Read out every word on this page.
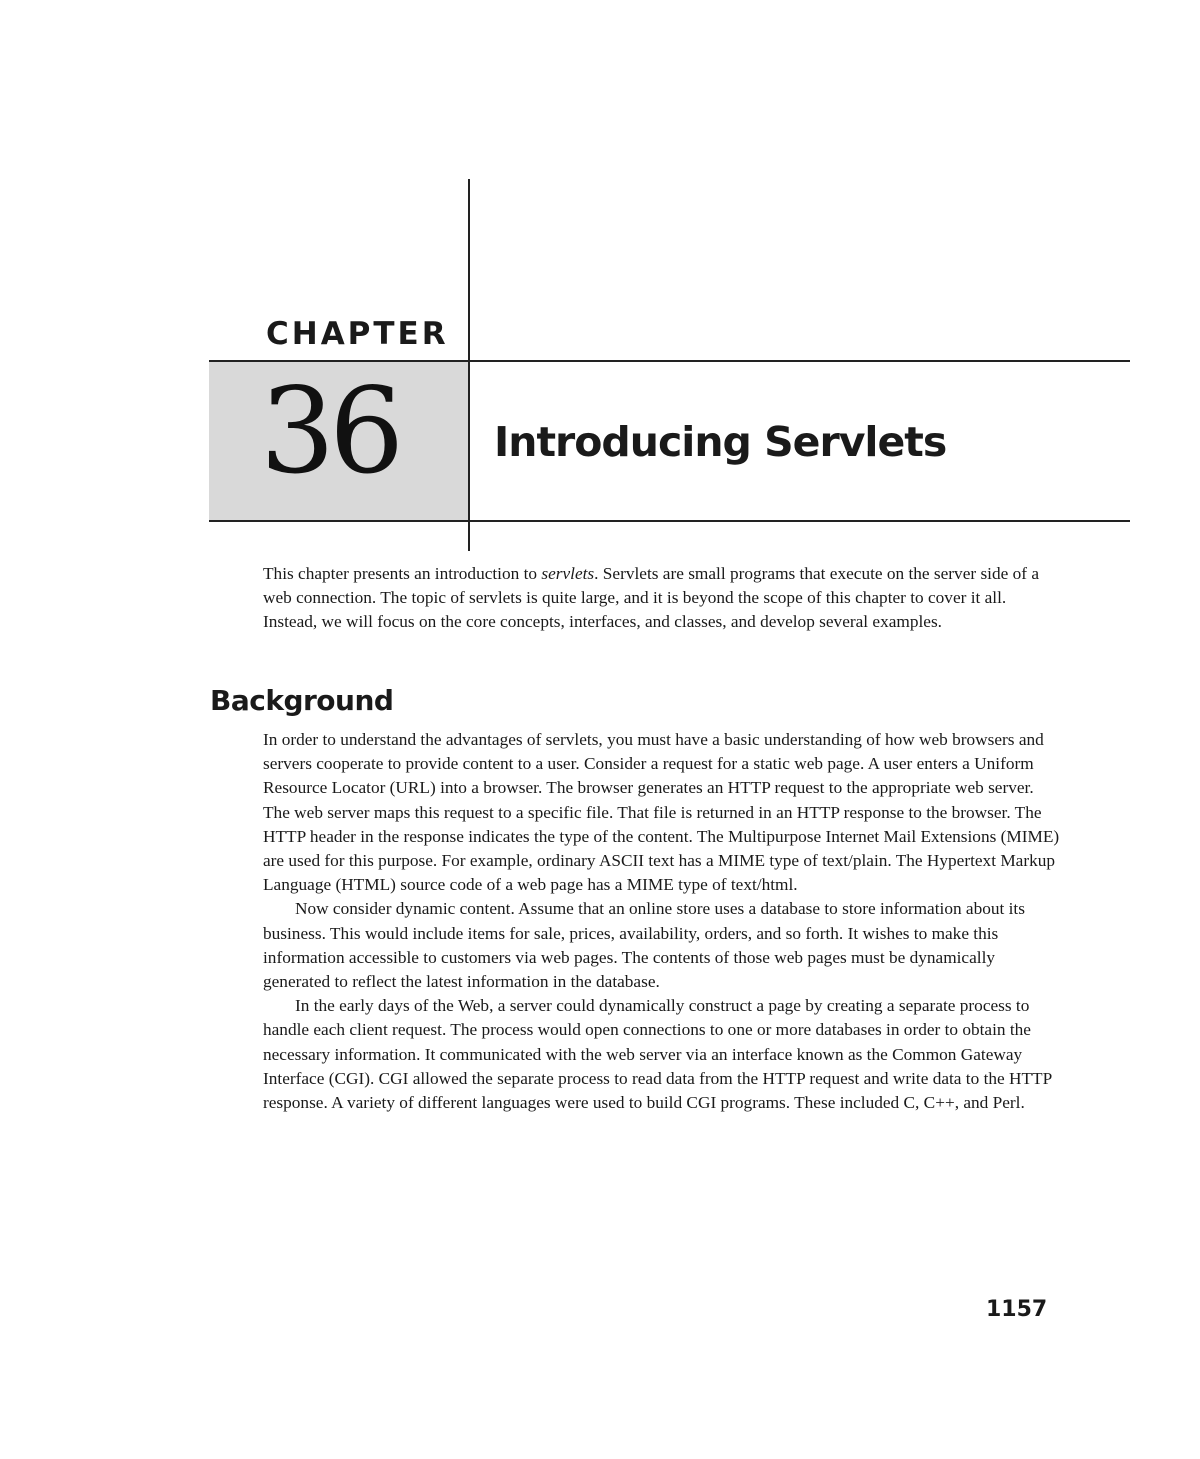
CHAPTER
36 Introducing Servlets

This chapter presents an introduction to servlets. Servlets are small programs that execute on the server side of a web connection. The topic of servlets is quite large, and it is beyond the scope of this chapter to cover it all. Instead, we will focus on the core concepts, interfaces, and classes, and develop several examples.

Background

In order to understand the advantages of servlets, you must have a basic understanding of how web browsers and servers cooperate to provide content to a user. Consider a request for a static web page. A user enters a Uniform Resource Locator (URL) into a browser. The browser generates an HTTP request to the appropriate web server. The web server maps this request to a specific file. That file is returned in an HTTP response to the browser. The HTTP header in the response indicates the type of the content. The Multipurpose Internet Mail Extensions (MIME) are used for this purpose. For example, ordinary ASCII text has a MIME type of text/plain. The Hypertext Markup Language (HTML) source code of a web page has a MIME type of text/html.

Now consider dynamic content. Assume that an online store uses a database to store information about its business. This would include items for sale, prices, availability, orders, and so forth. It wishes to make this information accessible to customers via web pages. The contents of those web pages must be dynamically generated to reflect the latest information in the database.

In the early days of the Web, a server could dynamically construct a page by creating a separate process to handle each client request. The process would open connections to one or more databases in order to obtain the necessary information. It communicated with the web server via an interface known as the Common Gateway Interface (CGI). CGI allowed the separate process to read data from the HTTP request and write data to the HTTP response. A variety of different languages were used to build CGI programs. These included C, C++, and Perl.

1157
